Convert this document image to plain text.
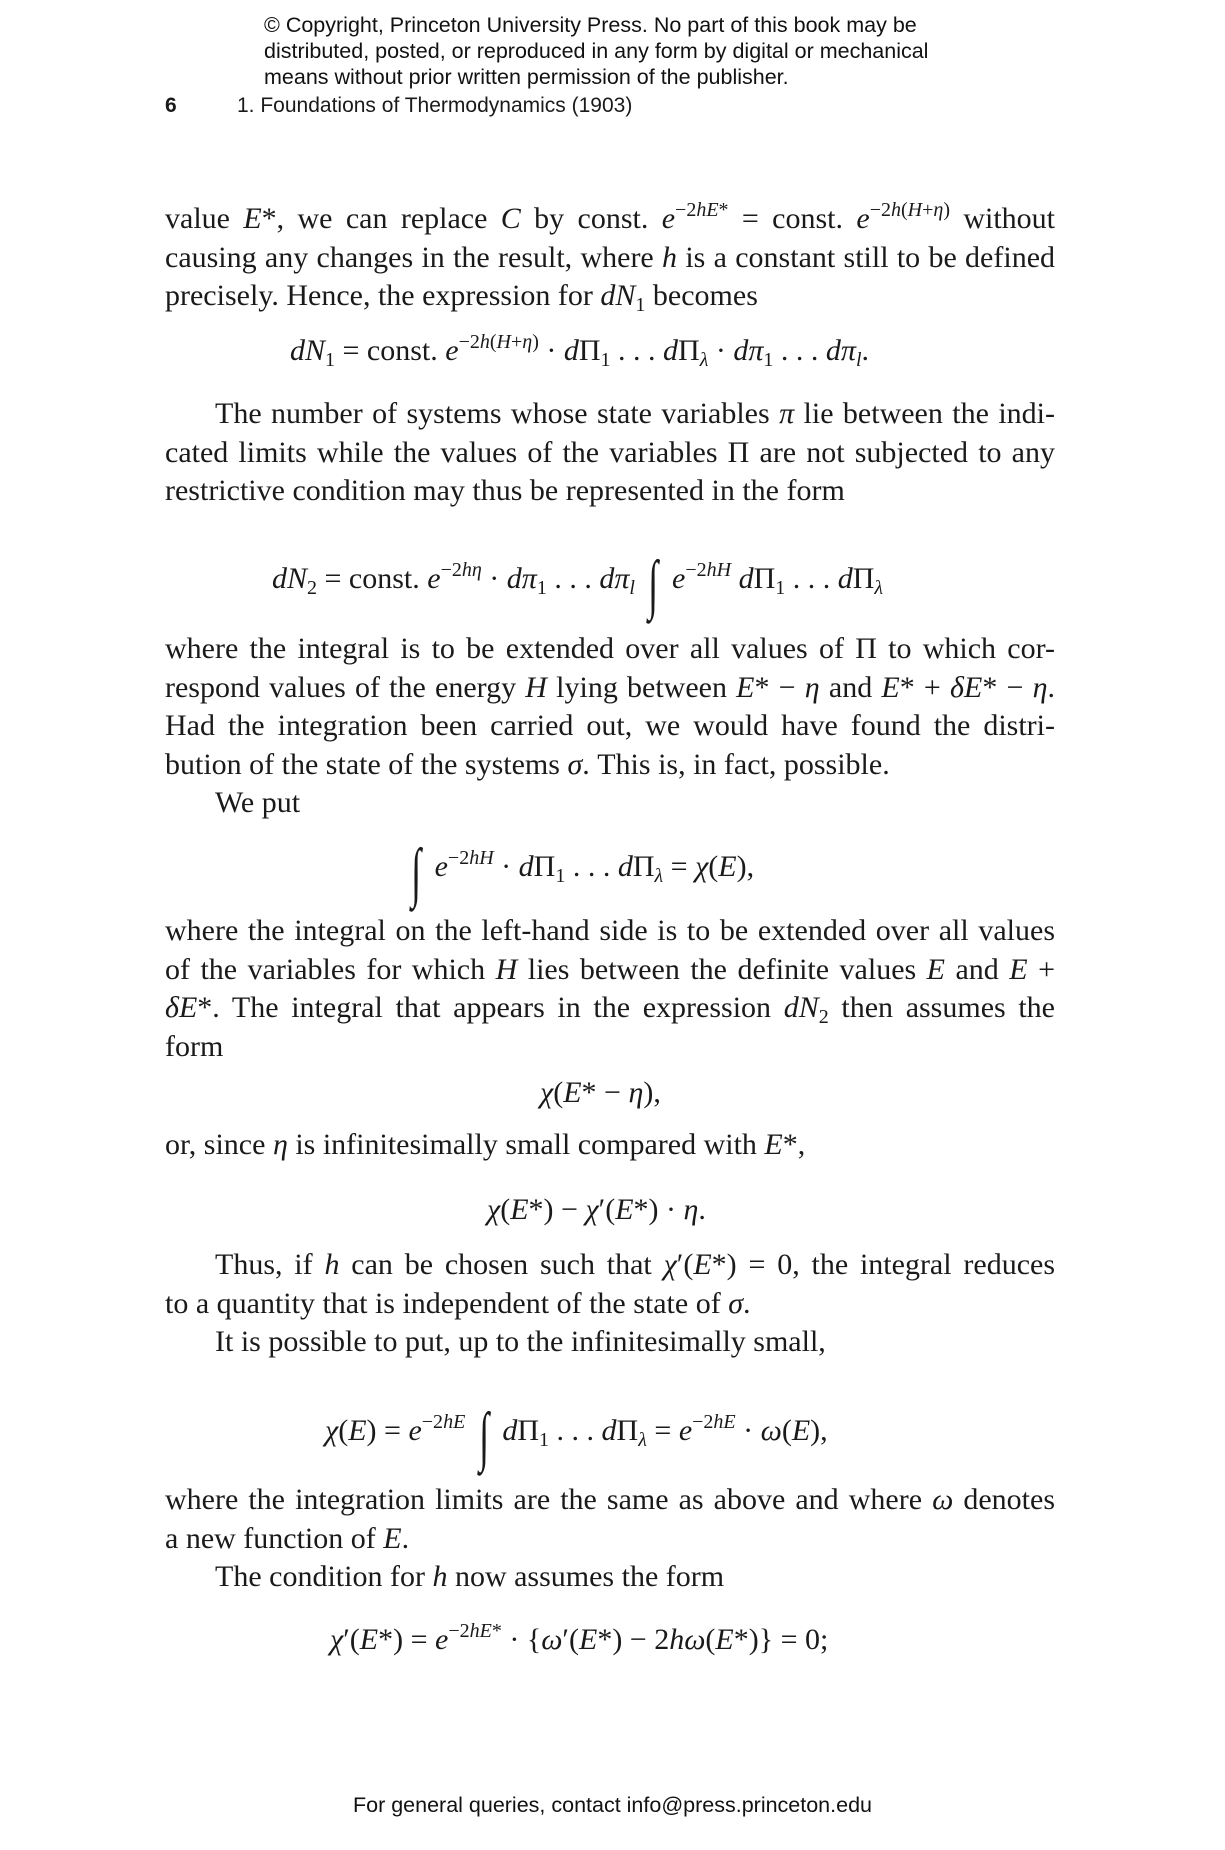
© Copyright, Princeton University Press. No part of this book may be
distributed, posted, or reproduced in any form by digital or mechanical
means without prior written permission of the publisher.
6	1. Foundations of Thermodynamics (1903)
value E*, we can replace C by const. $e^{-2hE*}$ = const. $e^{-2h(H+\eta)}$ without
causing any changes in the result, where h is a constant still to be defined
precisely. Hence, the expression for $dN_1$ becomes
$dN_1$ = const. $e^{-2h(H+\eta)} \cdot d\Pi_1$ . . . $d\Pi_\lambda \cdot d\pi_1$ . . . $d\pi_l$.
The number of systems whose state variables π lie between the indi-
cated limits while the values of the variables Π are not subjected to any
restrictive condition may thus be represented in the form
$dN_2$ = const. $e^{-2h\eta} \cdot d\pi_1$ . . . $d\pi_l$ ∫ $e^{-2hH}$ $d\Pi_1$ . . . $d\Pi_\lambda$
where the integral is to be extended over all values of Π to which cor-
respond values of the energy H lying between E* − η and E* + δE* − η.
Had the integration been carried out, we would have found the distri-
bution of the state of the systems σ. This is, in fact, possible.
We put
∫ $e^{-2hH} \cdot d\Pi_1$ . . . $d\Pi_\lambda = \chi(E)$,
where the integral on the left-hand side is to be extended over all values
of the variables for which H lies between the definite values E and E +
δE*. The integral that appears in the expression $dN_2$ then assumes the
form
χ(E* − η),
or, since η is infinitesimally small compared with E*,
χ(E*) − χ′(E*) · η.
Thus, if h can be chosen such that χ′(E*) = 0, the integral reduces
to a quantity that is independent of the state of σ.
It is possible to put, up to the infinitesimally small,
$\chi(E) = e^{-2hE}$ ∫ $d\Pi_1$ . . . $d\Pi_\lambda = e^{-2hE} \cdot \omega(E)$,
where the integration limits are the same as above and where ω denotes
a new function of E.
The condition for h now assumes the form
$\chi'(E*) = e^{-2hE*} \cdot \{\omega'(E*) - 2h\omega(E*)\} = 0$;
For general queries, contact info@press.princeton.edu
